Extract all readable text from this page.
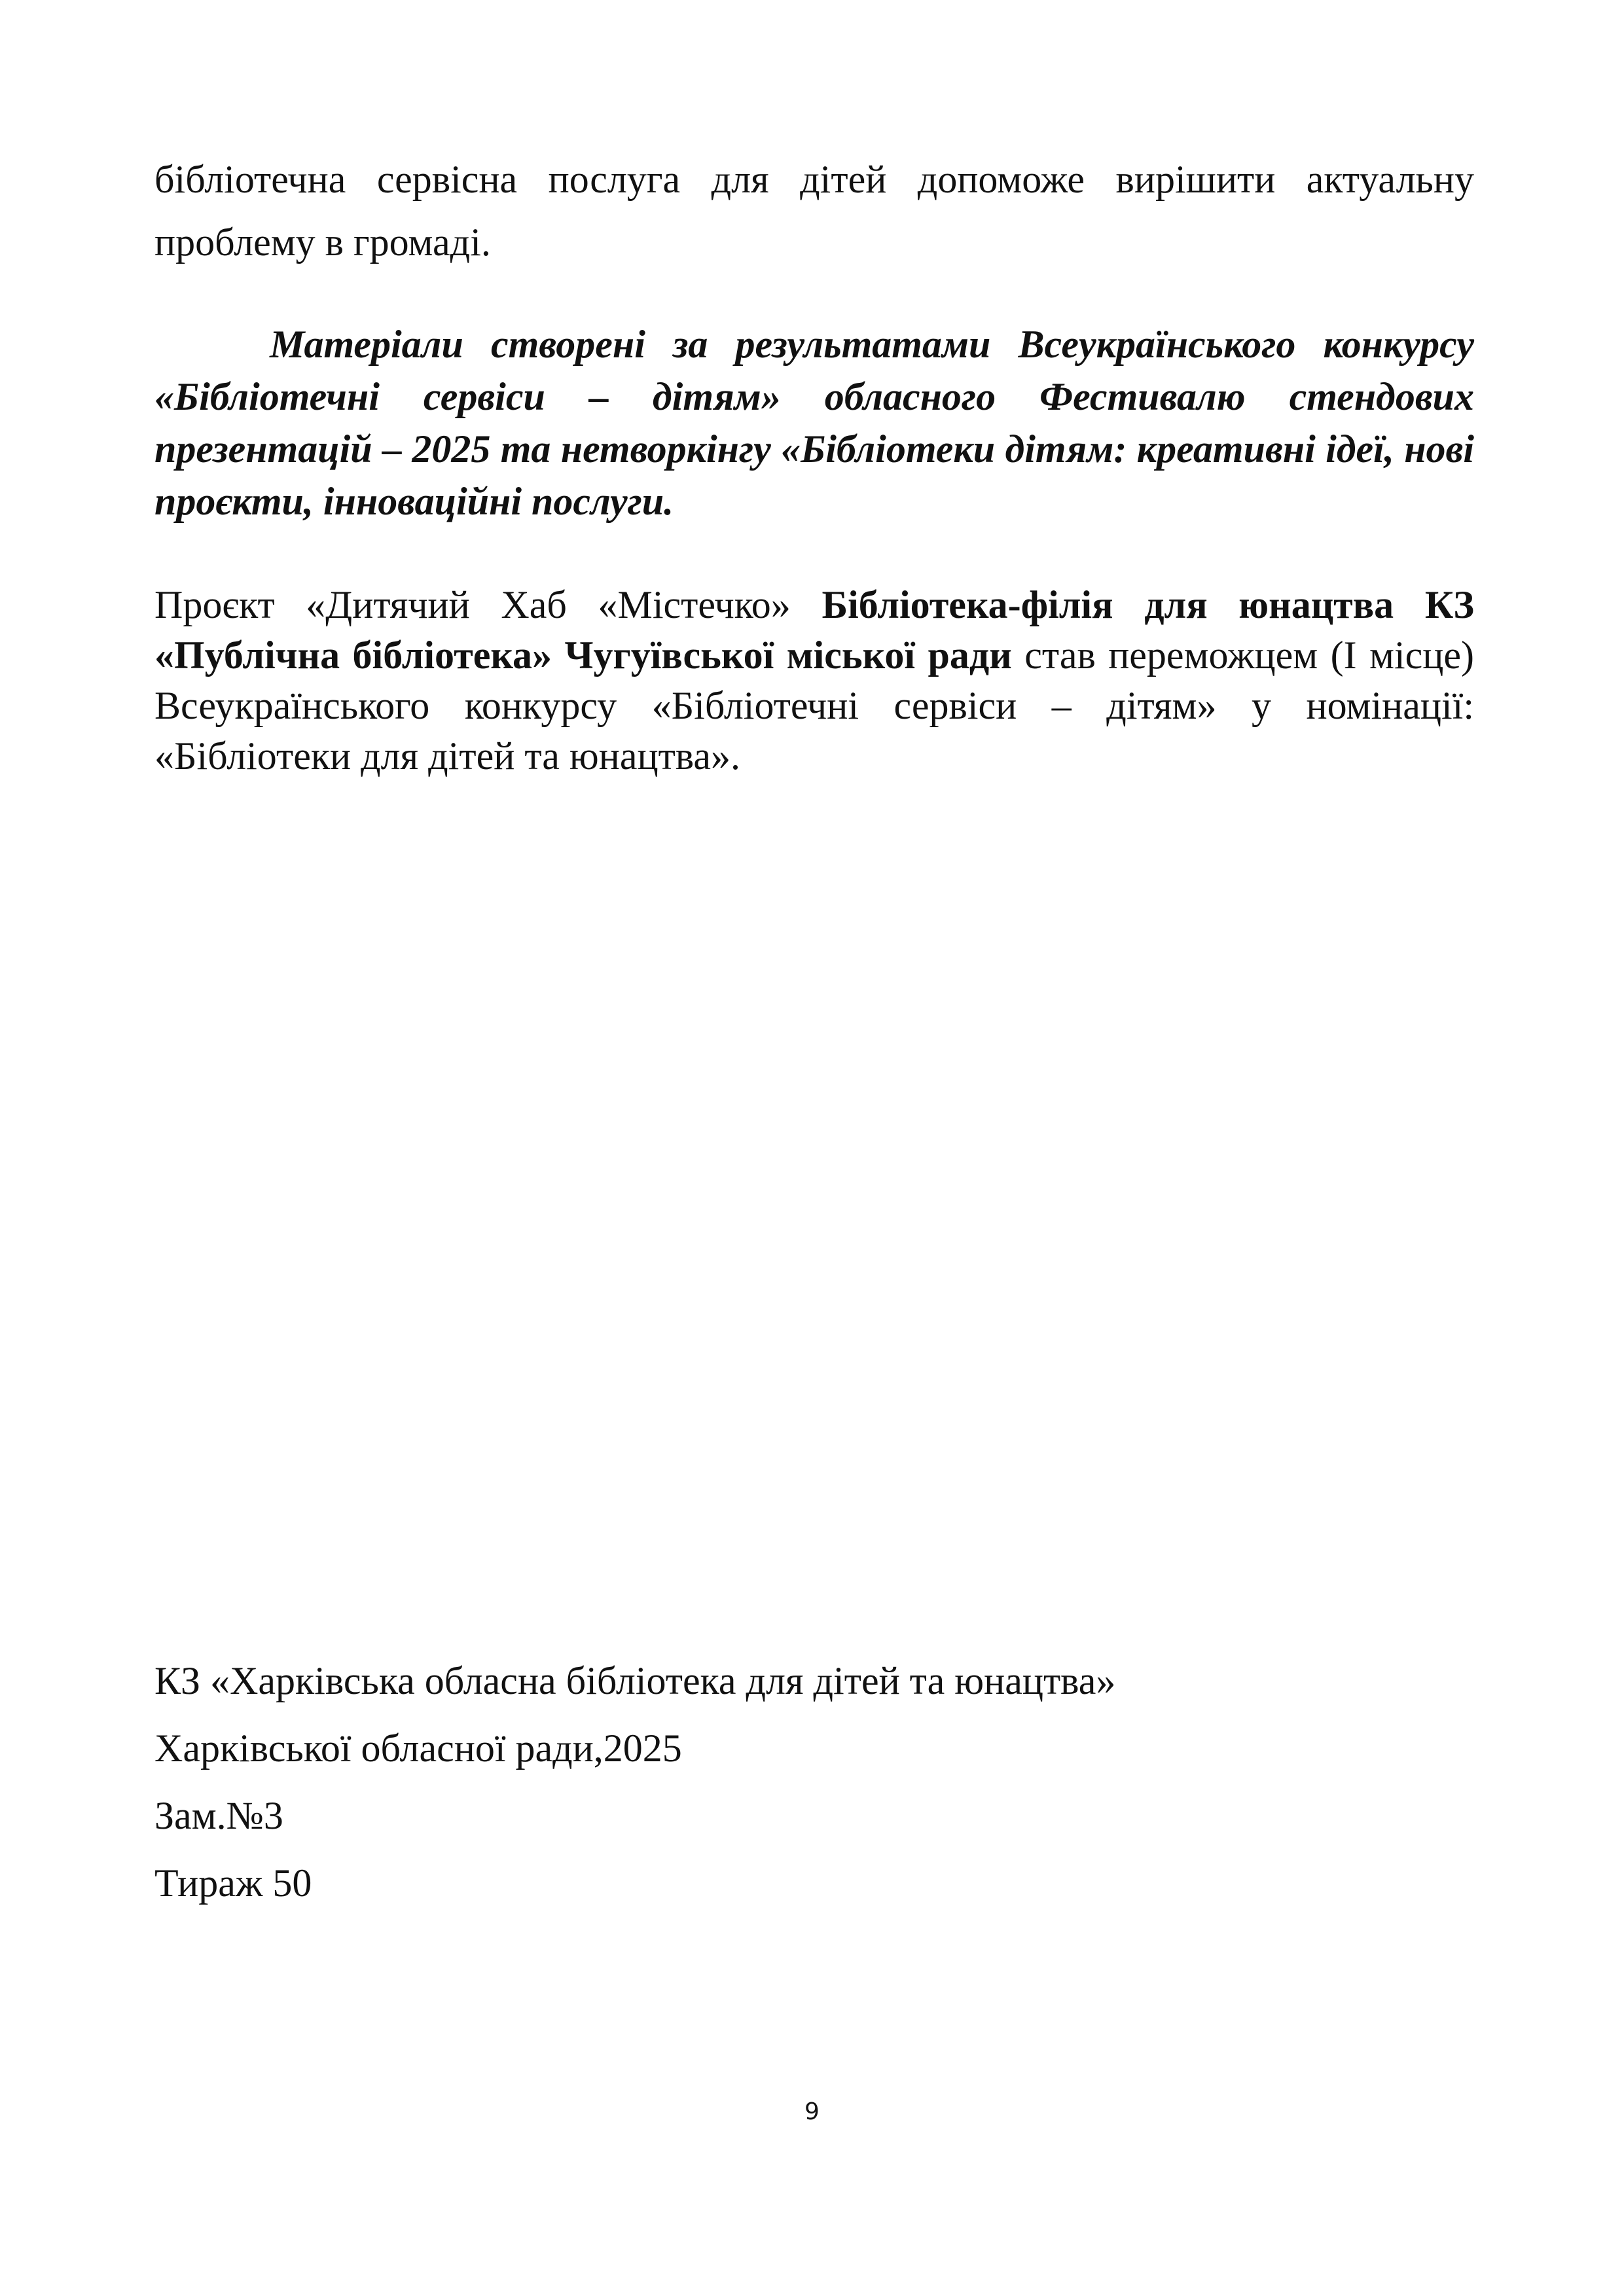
бібліотечна сервісна послуга для дітей допоможе вирішити актуальну проблему в громаді.

Матеріали створені за результатами Всеукраїнського конкурсу «Бібліотечні сервіси – дітям» обласного Фестивалю стендових презентацій – 2025 та нетворкінгу «Бібліотеки дітям: креативні ідеї, нові проєкти, інноваційні послуги.

Проєкт «Дитячий Хаб «Містечко» Бібліотека-філія для юнацтва КЗ «Публічна бібліотека» Чугуївської міської ради став переможцем (І місце) Всеукраїнського конкурсу «Бібліотечні сервіси – дітям» у номінації: «Бібліотеки для дітей та юнацтва».

КЗ «Харківська обласна бібліотека для дітей та юнацтва»
Харківської обласної ради,2025
Зам.№3
Тираж 50
9
